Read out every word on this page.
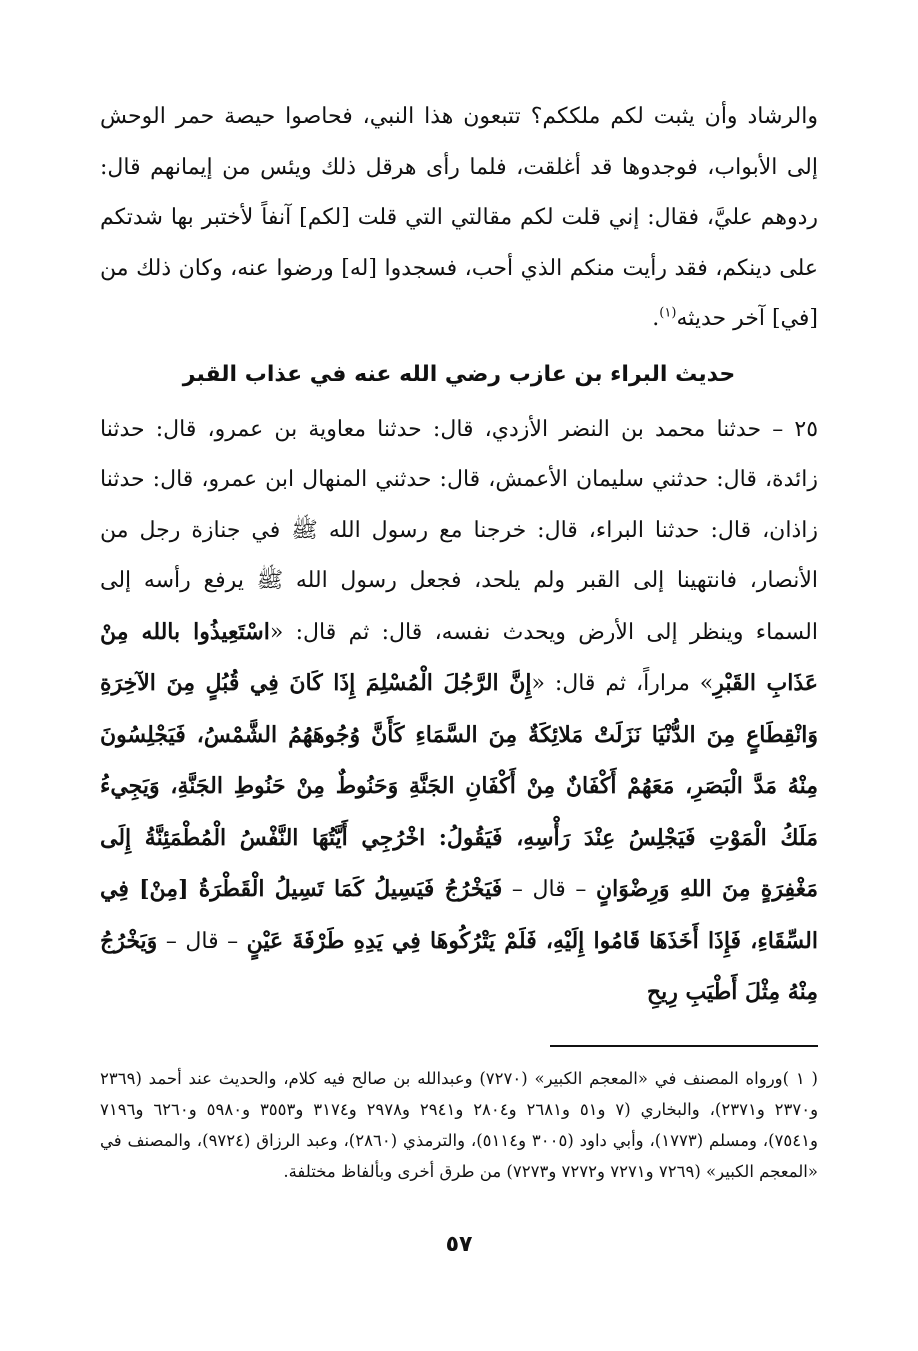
والرشاد وأن يثبت لكم ملككم؟ تتبعون هذا النبي، فحاصوا حيصة حمر الوحش إلى الأبواب، فوجدوها قد أغلقت، فلما رأى هرقل ذلك ويئس من إيمانهم قال: ردوهم عليَّ، فقال: إني قلت لكم مقالتي التي قلت [لكم] آنفاً لأختبر بها شدتكم على دينكم، فقد رأيت منكم الذي أحب، فسجدوا [له] ورضوا عنه، وكان ذلك من [في] آخر حديثه$^{(١)}$.

حديث البراء بن عازب رضي الله عنه في عذاب القبر

٢٥ – حدثنا محمد بن النضر الأزدي، قال: حدثنا معاوية بن عمرو، قال: حدثنا زائدة، قال: حدثني سليمان الأعمش، قال: حدثني المنهال ابن عمرو، قال: حدثنا زاذان، قال: حدثنا البراء، قال: خرجنا مع رسول الله ﷺ في جنازة رجل من الأنصار، فانتهينا إلى القبر ولم يلحد، فجعل رسول الله ﷺ يرفع رأسه إلى السماء وينظر إلى الأرض ويحدث نفسه، قال: ثم قال: «اسْتَعِيذُوا بالله مِنْ عَذَابِ القَبْرِ» مراراً، ثم قال: «إِنَّ الرَّجُلَ الْمُسْلِمَ إِذَا كَانَ فِي قُبُلٍ مِنَ الآخِرَةِ وَانْقِطَاعٍ مِنَ الدُّنْيَا نَزَلَتْ مَلائِكَةٌ مِنَ السَّمَاءِ كَأَنَّ وُجُوهَهُمُ الشَّمْسُ، فَيَجْلِسُونَ مِنْهُ مَدَّ الْبَصَرِ، مَعَهُمْ أَكْفَانٌ مِنْ أَكْفَانِ الجَنَّةِ وَحَنُوطٌ مِنْ حَنُوطِ الجَنَّةِ، وَيَجِيءُ مَلَكُ الْمَوْتِ فَيَجْلِسُ عِنْدَ رَأْسِهِ، فَيَقُولُ: اخْرُجِي أَيَّتُهَا النَّفْسُ الْمُطْمَئِنَّةُ إِلَى مَغْفِرَةٍ مِنَ اللهِ وَرِضْوَانٍ – قال – فَيَخْرُجُ فَيَسِيلُ كَمَا تَسِيلُ الْقَطْرَةُ [مِنْ] فِي السِّقَاءِ، فَإِذَا أَخَذَهَا قَامُوا إِلَيْهِ، فَلَمْ يَتْرُكُوهَا فِي يَدِهِ طَرْفَةَ عَيْنٍ – قال – وَيَخْرُجُ مِنْهُ مِثْلَ أَطْيَبِ رِيحِ

( ١ )ورواه المصنف في «المعجم الكبير» (٧٢٧٠) وعبدالله بن صالح فيه كلام، والحديث عند أحمد (٢٣٦٩ و٢٣٧٠ و٢٣٧١)، والبخاري (٧ و٥١ و٢٦٨١ و٢٨٠٤ و٢٩٤١ و٢٩٧٨ و٣١٧٤ و٣٥٥٣ و٥٩٨٠ و٦٢٦٠ و٧١٩٦ و٧٥٤١)، ومسلم (١٧٧٣)، وأبي داود (٣٠٠٥ و٥١١٤)، والترمذي (٢٨٦٠)، وعبد الرزاق (٩٧٢٤)، والمصنف في «المعجم الكبير» (٧٢٦٩ و٧٢٧١ و٧٢٧٢ و٧٢٧٣) من طرق أخرى وبألفاظ مختلفة.

٥٧
